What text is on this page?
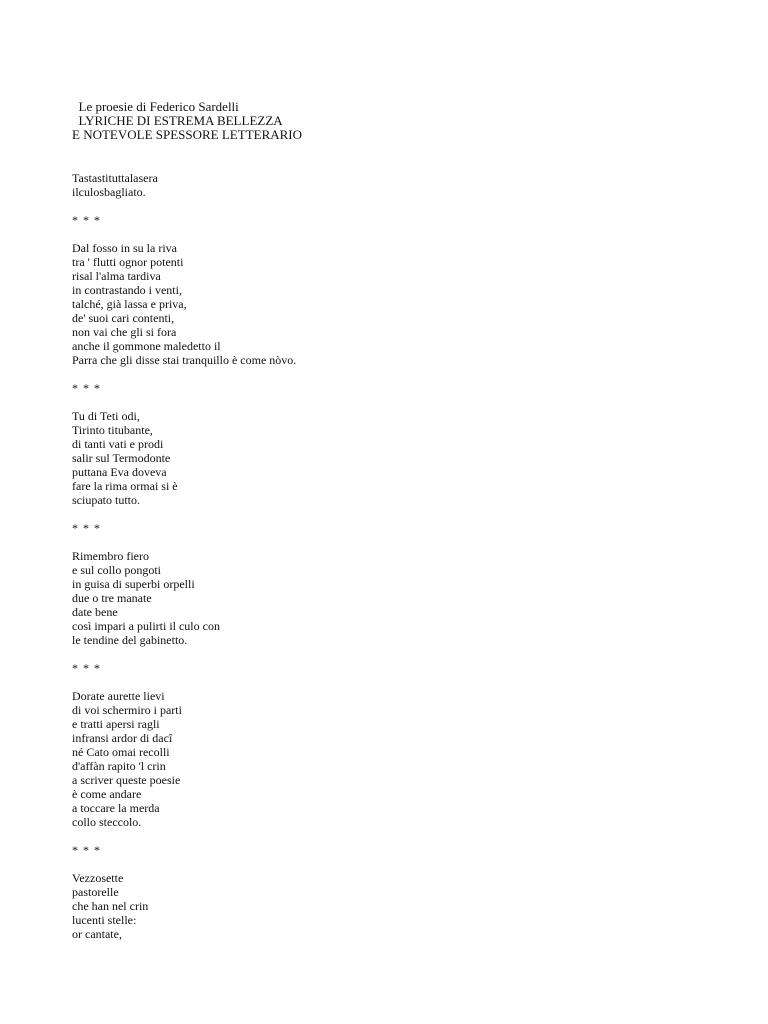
Le proesie di Federico Sardelli
LYRICHE DI ESTREMA BELLEZZA
E NOTEVOLE SPESSORE LETTERARIO
Tastastituttalasera
ilculosbagliato.
* * *
Dal fosso in su la riva
tra ' flutti ognor potenti
risal l'alma tardiva
in contrastando i venti,
talché, già lassa e priva,
de' suoi cari contenti,
non vai che gli si fora
anche il gommone maledetto il
Parra che gli disse stai tranquillo è come nòvo.
* * *
Tu di Teti odi,
Tirinto titubante,
di tanti vati e prodi
salir sul Termodonte
puttana Eva doveva
fare la rima ormai si è
sciupato tutto.
* * *
Rimembro fiero
e sul collo pongoti
in guisa di superbi orpelli
due o tre manate
date bene
così impari a pulirti il culo con
le tendine del gabinetto.
* * *
Dorate aurette lievi
di voi schermiro i parti
e tratti apersi ragli
infransi ardor di dacî
né Cato omai recolli
d'affàn rapito 'l crin
a scriver queste poesie
è come andare
a toccare la merda
collo steccolo.
* * *
Vezzosette
pastorelle
che han nel crin
lucenti stelle:
or cantate,
